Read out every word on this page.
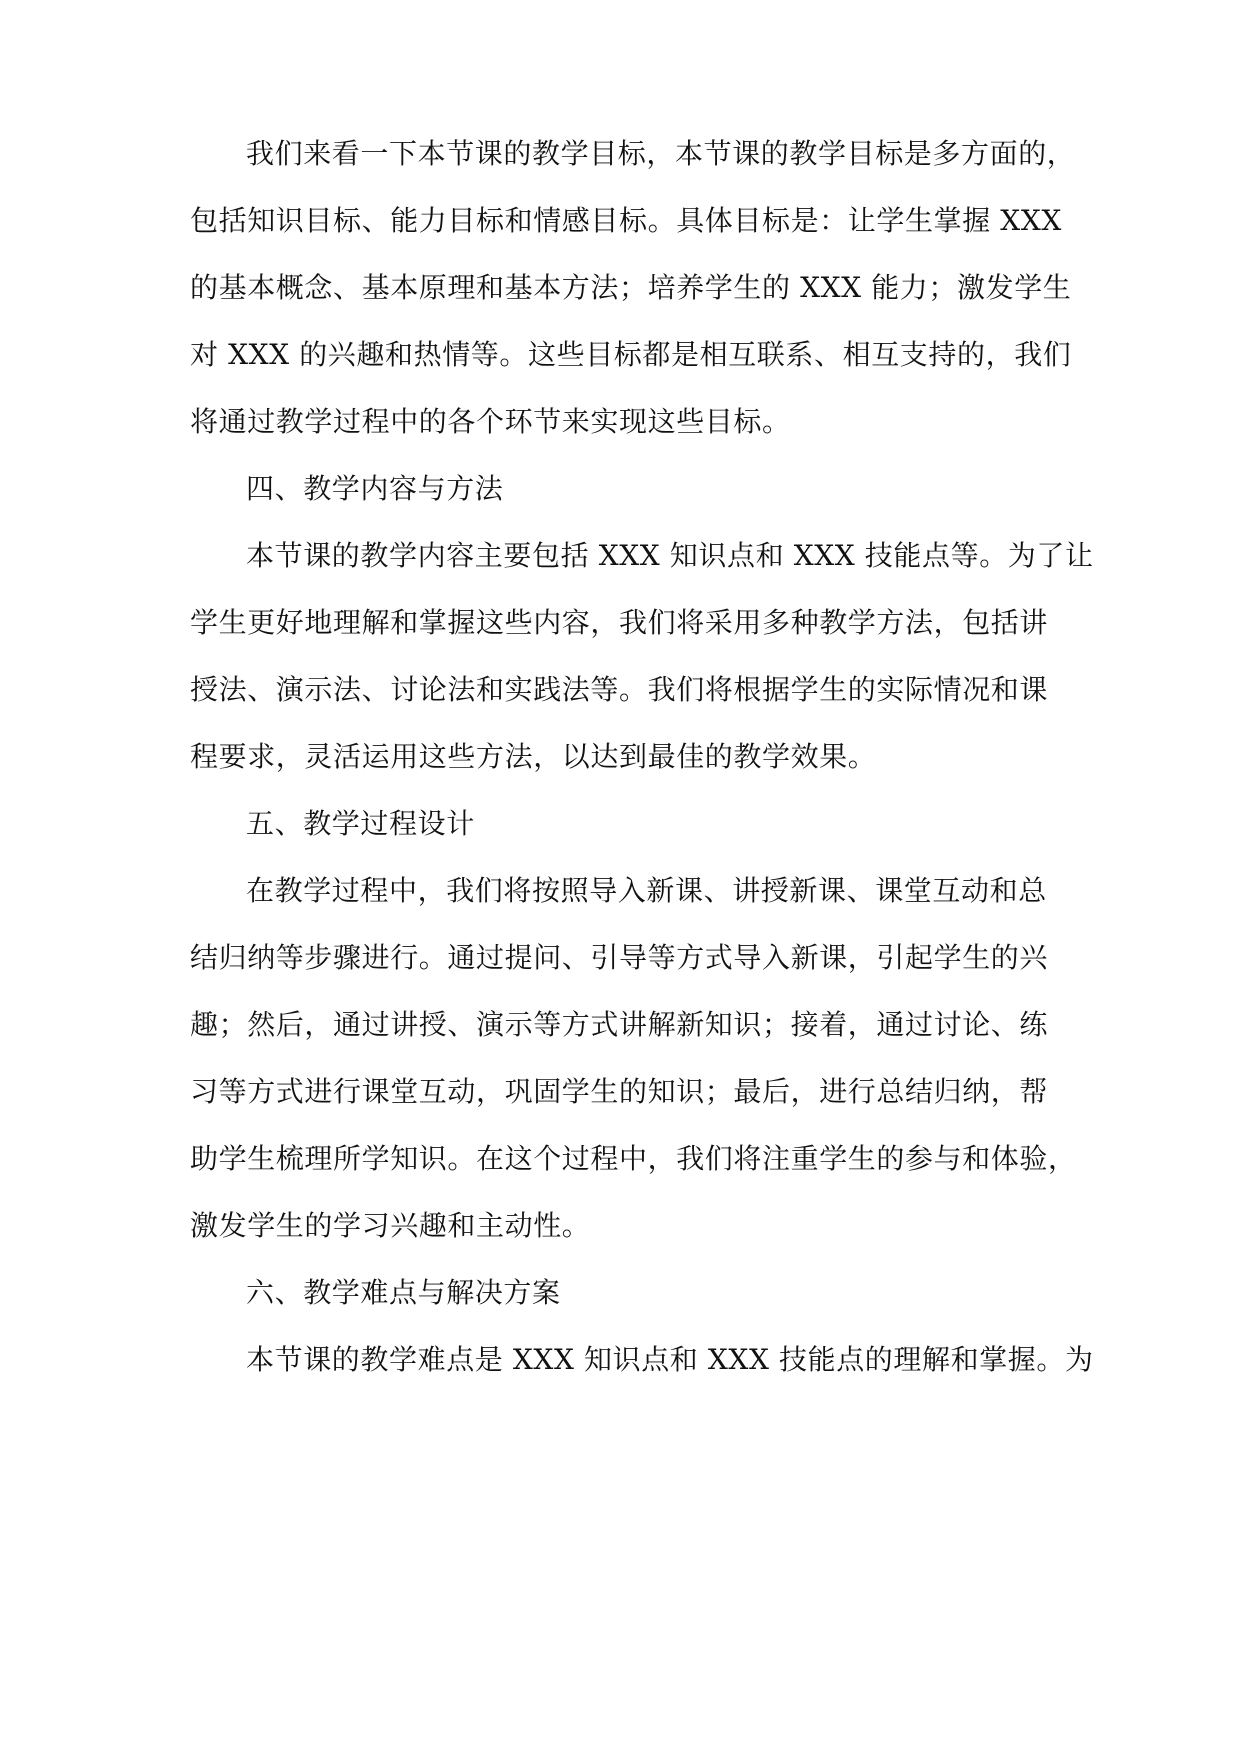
我们来看一下本节课的教学目标，本节课的教学目标是多方面的，
包括知识目标、能力目标和情感目标。具体目标是：让学生掌握 XXX
的基本概念、基本原理和基本方法；培养学生的 XXX 能力；激发学生
对 XXX 的兴趣和热情等。这些目标都是相互联系、相互支持的，我们
将通过教学过程中的各个环节来实现这些目标。
四、教学内容与方法
本节课的教学内容主要包括 XXX 知识点和 XXX 技能点等。为了让
学生更好地理解和掌握这些内容，我们将采用多种教学方法，包括讲
授法、演示法、讨论法和实践法等。我们将根据学生的实际情况和课
程要求，灵活运用这些方法，以达到最佳的教学效果。
五、教学过程设计
在教学过程中，我们将按照导入新课、讲授新课、课堂互动和总
结归纳等步骤进行。通过提问、引导等方式导入新课，引起学生的兴
趣；然后，通过讲授、演示等方式讲解新知识；接着，通过讨论、练
习等方式进行课堂互动，巩固学生的知识；最后，进行总结归纳，帮
助学生梳理所学知识。在这个过程中，我们将注重学生的参与和体验，
激发学生的学习兴趣和主动性。
六、教学难点与解决方案
本节课的教学难点是 XXX 知识点和 XXX 技能点的理解和掌握。为
